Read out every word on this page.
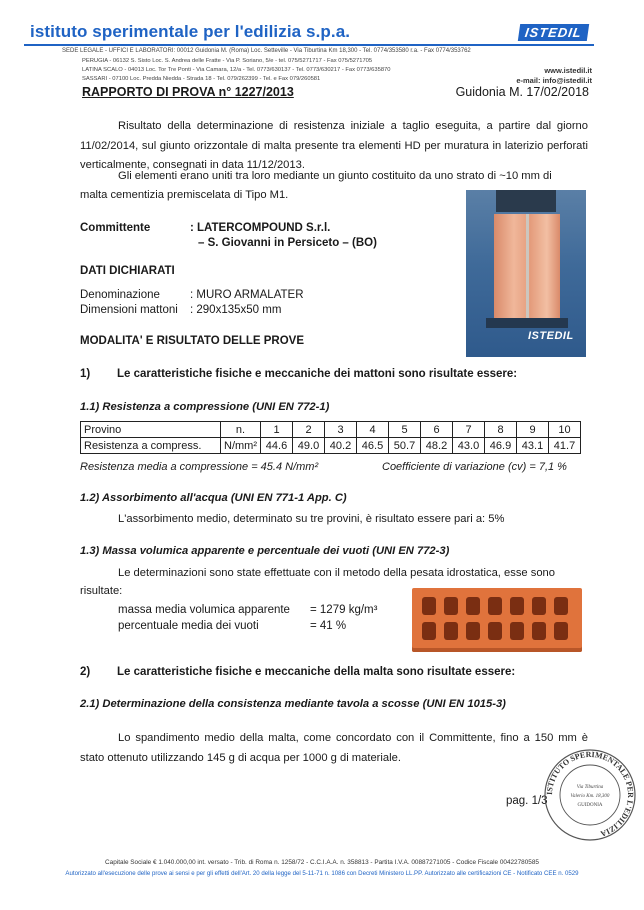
istituto sperimentale per l'edilizia s.p.a.	ISTEDIL
SEDE LEGALE - UFFICI E LABORATORI: 00012 Guidonia M. (Roma) Loc. Setteville - Via Tiburtina Km 18,300 - Tel. 0774/353580 r.a. - Fax 0774/353762
PERUGIA - 06132 S. Sisto Loc. S. Andrea delle Fratte - Via P. Soriano, 5/e - tel. 075/5271717 - Fax 075/5271705
LATINA SCALO - 04013 Loc. Tor Tre Ponti - Via Camara, 12/a - Tel. 0773/630137 - Tel. 0773/630217 - Fax 0773/635870
SASSARI - 07100 Loc. Predda Niedda - Strada 18 - Tel. 079/262399 - Tel. e Fax 079/260581
www.istedil.it
e-mail: info@istedil.it
RAPPORTO DI PROVA n° 1227/2013	Guidonia M. 17/02/2018
Risultato della determinazione di resistenza iniziale a taglio eseguita, a partire dal giorno 11/02/2014, sul giunto orizzontale di malta presente tra elementi HD per muratura in laterizio perforati verticalmente, consegnati in data 11/12/2013.
Gli elementi erano uniti tra loro mediante un giunto costituito da uno strato di ~10 mm di
malta cementizia premiscelata di Tipo M1.
Committente	: LATERCOMPOUND S.r.l.
– S. Giovanni in Persiceto – (BO)
DATI DICHIARATI
Denominazione	: MURO ARMALATER
Dimensioni mattoni : 290x135x50 mm
ISTEDIL
MODALITA' E RISULTATO DELLE PROVE
1) Le caratteristiche fisiche e meccaniche dei mattoni sono risultate essere:
1.1) Resistenza a compressione (UNI EN 772-1)
Provino	n.	1	2	3	4	5	6	7	8	9	10
Resistenza a compress.	N/mm²	44.6	49.0	40.2	46.5	50.7	48.2	43.0	46.9	43.1	41.7
Resistenza media a compressione = 45.4 N/mm²	Coefficiente di variazione (cv) = 7,1 %
1.2) Assorbimento all'acqua (UNI EN 771-1 App. C)
L'assorbimento medio, determinato su tre provini, è risultato essere pari a: 5%
1.3) Massa volumica apparente e percentuale dei vuoti (UNI EN 772-3)
Le determinazioni sono state effettuate con il metodo della pesata idrostatica, esse sono
risultate:
massa media volumica apparente = 1279 kg/m³
percentuale media dei vuoti	= 41 %
2) Le caratteristiche fisiche e meccaniche della malta sono risultate essere:
2.1) Determinazione della consistenza mediante tavola a scosse (UNI EN 1015-3)
Lo spandimento medio della malta, come concordato con il Committente, fino a 150 mm è stato ottenuto utilizzando 145 g di acqua per 1000 g di materiale.
pag. 1/3
ISTITUTO SPERIMENTALE PER L'EDILIZIA
Via Tiburtina
Valerio Km. 18,300
GUIDONIA
Capitale Sociale € 1.040.000,00 int. versato - Trib. di Roma n. 1258/72 - C.C.I.A.A. n. 358813 - Partita I.V.A. 00887271005 - Codice Fiscale 00422780585
Autorizzato all'esecuzione delle prove ai sensi e per gli effetti dell'Art. 20 della legge del 5-11-71 n. 1086 con Decreti Ministero LL.PP. Autorizzato alle certificazioni CE - Notificato CEE n. 0529
